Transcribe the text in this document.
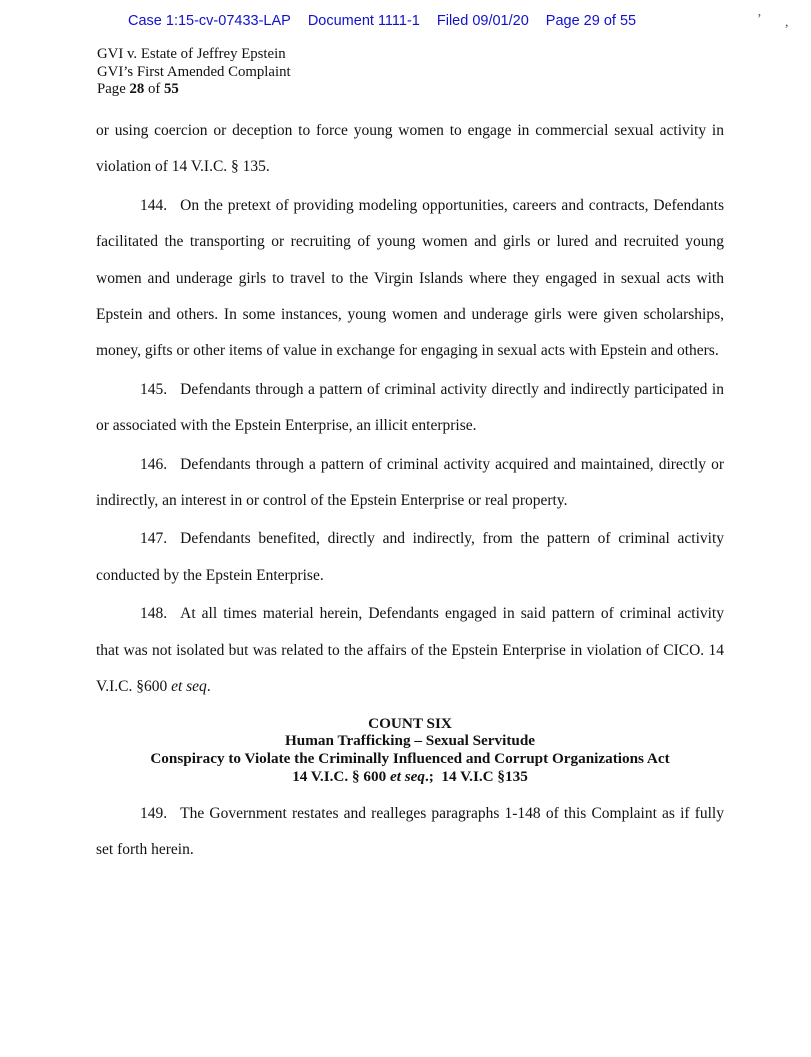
Case 1:15-cv-07433-LAP Document 1111-1 Filed 09/01/20 Page 29 of 55	’ ,
GVI v. Estate of Jeffrey Epstein
GVI’s First Amended Complaint
Page 28 of 55

or using coercion or deception to force young women to engage in commercial sexual activity in violation of 14 V.I.C. § 135.

144. On the pretext of providing modeling opportunities, careers and contracts, Defendants facilitated the transporting or recruiting of young women and girls or lured and recruited young women and underage girls to travel to the Virgin Islands where they engaged in sexual acts with Epstein and others. In some instances, young women and underage girls were given scholarships, money, gifts or other items of value in exchange for engaging in sexual acts with Epstein and others.

145. Defendants through a pattern of criminal activity directly and indirectly participated in or associated with the Epstein Enterprise, an illicit enterprise.

146. Defendants through a pattern of criminal activity acquired and maintained, directly or indirectly, an interest in or control of the Epstein Enterprise or real property.

147. Defendants benefited, directly and indirectly, from the pattern of criminal activity conducted by the Epstein Enterprise.

148. At all times material herein, Defendants engaged in said pattern of criminal activity that was not isolated but was related to the affairs of the Epstein Enterprise in violation of CICO. 14 V.I.C. §600 et seq.

COUNT SIX
Human Trafficking – Sexual Servitude
Conspiracy to Violate the Criminally Influenced and Corrupt Organizations Act
14 V.I.C. § 600 et seq.;  14 V.I.C §135

149. The Government restates and realleges paragraphs 1-148 of this Complaint as if fully set forth herein.
